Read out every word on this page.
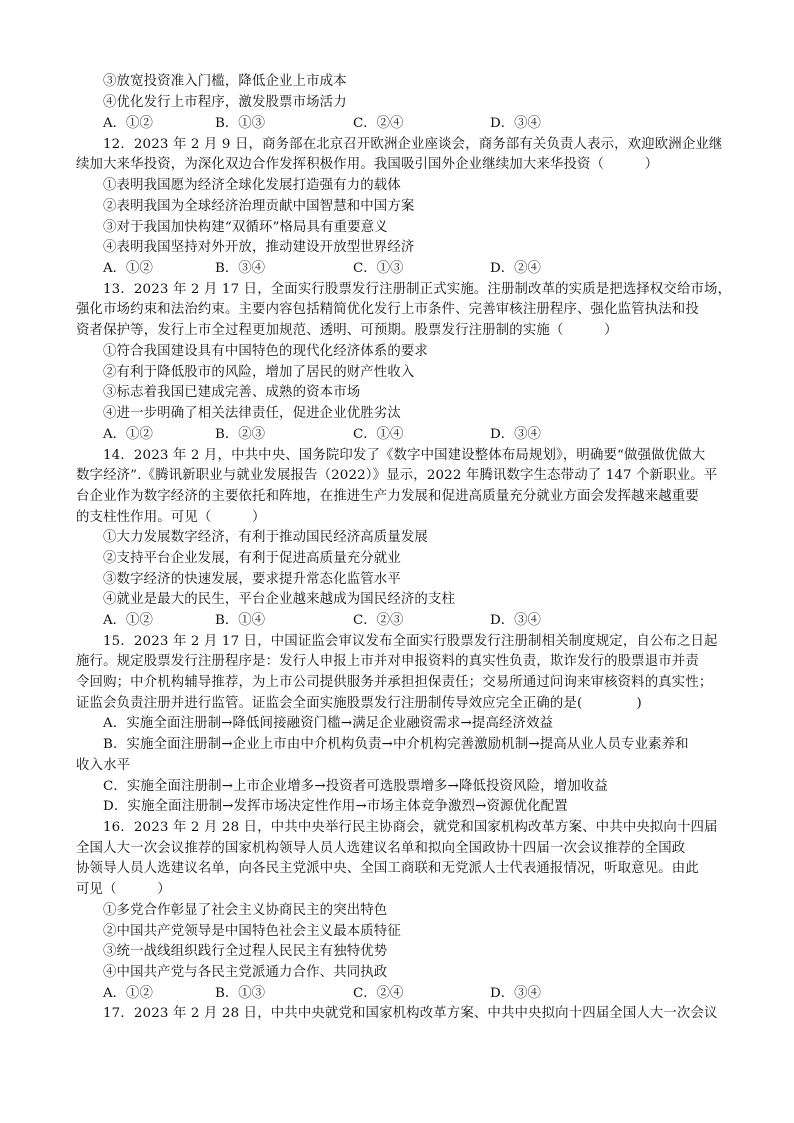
③放宽投资准入门槛，降低企业上市成本
④优化发行上市程序，激发股票市场活力
A．①②	B．①③	C．②④	D．③④
12．2023 年 2 月 9 日，商务部在北京召开欧洲企业座谈会，商务部有关负责人表示，欢迎欧洲企业继
续加大来华投资，为深化双边合作发挥积极作用。我国吸引国外企业继续加大来华投资（　　　）
①表明我国愿为经济全球化发展打造强有力的载体
②表明我国为全球经济治理贡献中国智慧和中国方案
③对于我国加快构建“双循环”格局具有重要意义
④表明我国坚持对外开放，推动建设开放型世界经济
A．①②	B．③④	C．①③	D．②④
13．2023 年 2 月 17 日，全面实行股票发行注册制正式实施。注册制改革的实质是把选择权交给市场，
强化市场约束和法治约束。主要内容包括精简优化发行上市条件、完善审核注册程序、强化监管执法和投
资者保护等，发行上市全过程更加规范、透明、可预期。股票发行注册制的实施（　　　）
①符合我国建设具有中国特色的现代化经济体系的要求
②有利于降低股市的风险，增加了居民的财产性收入
③标志着我国已建成完善、成熟的资本市场
④进一步明确了相关法律责任，促进企业优胜劣汰
A．①②	B．②③	C．①④	D．③④
14．2023 年 2 月，中共中央、国务院印发了《数字中国建设整体布局规划》，明确要“做强做优做大
数字经济”.《腾讯新职业与就业发展报告（2022）》显示，2022 年腾讯数字生态带动了 147 个新职业。平
台企业作为数字经济的主要依托和阵地，在推进生产力发展和促进高质量充分就业方面会发挥越来越重要
的支柱性作用。可见（　　　）
①大力发展数字经济，有利于推动国民经济高质量发展
②支持平台企业发展，有利于促进高质量充分就业
③数字经济的快速发展，要求提升常态化监管水平
④就业是最大的民生，平台企业越来越成为国民经济的支柱
A．①②	B．①④	C．②③	D．③④
15．2023 年 2 月 17 日，中国证监会审议发布全面实行股票发行注册制相关制度规定，自公布之日起
施行。规定股票发行注册程序是：发行人申报上市并对申报资料的真实性负责，欺诈发行的股票退市并责
令回购；中介机构辅导推荐，为上市公司提供服务并承担担保责任；交易所通过问询来审核资料的真实性；
证监会负责注册并进行监管。证监会全面实施股票发行注册制传导效应完全正确的是(　　　　)
A．实施全面注册制→降低间接融资门槛→满足企业融资需求→提高经济效益
B．实施全面注册制→企业上市由中介机构负责→中介机构完善激励机制→提高从业人员专业素养和
收入水平
C．实施全面注册制→上市企业增多→投资者可选股票增多→降低投资风险，增加收益
D．实施全面注册制→发挥市场决定性作用→市场主体竞争激烈→资源优化配置
16．2023 年 2 月 28 日，中共中央举行民主协商会，就党和国家机构改革方案、中共中央拟向十四届
全国人大一次会议推荐的国家机构领导人员人选建议名单和拟向全国政协十四届一次会议推荐的全国政
协领导人员人选建议名单，向各民主党派中央、全国工商联和无党派人士代表通报情况，听取意见。由此
可见（　　　）
①多党合作彰显了社会主义协商民主的突出特色
②中国共产党领导是中国特色社会主义最本质特征
③统一战线组织践行全过程人民民主有独特优势
④中国共产党与各民主党派通力合作、共同执政
A．①②	B．①③	C．②④	D．③④
17．2023 年 2 月 28 日，中共中央就党和国家机构改革方案、中共中央拟向十四届全国人大一次会议
